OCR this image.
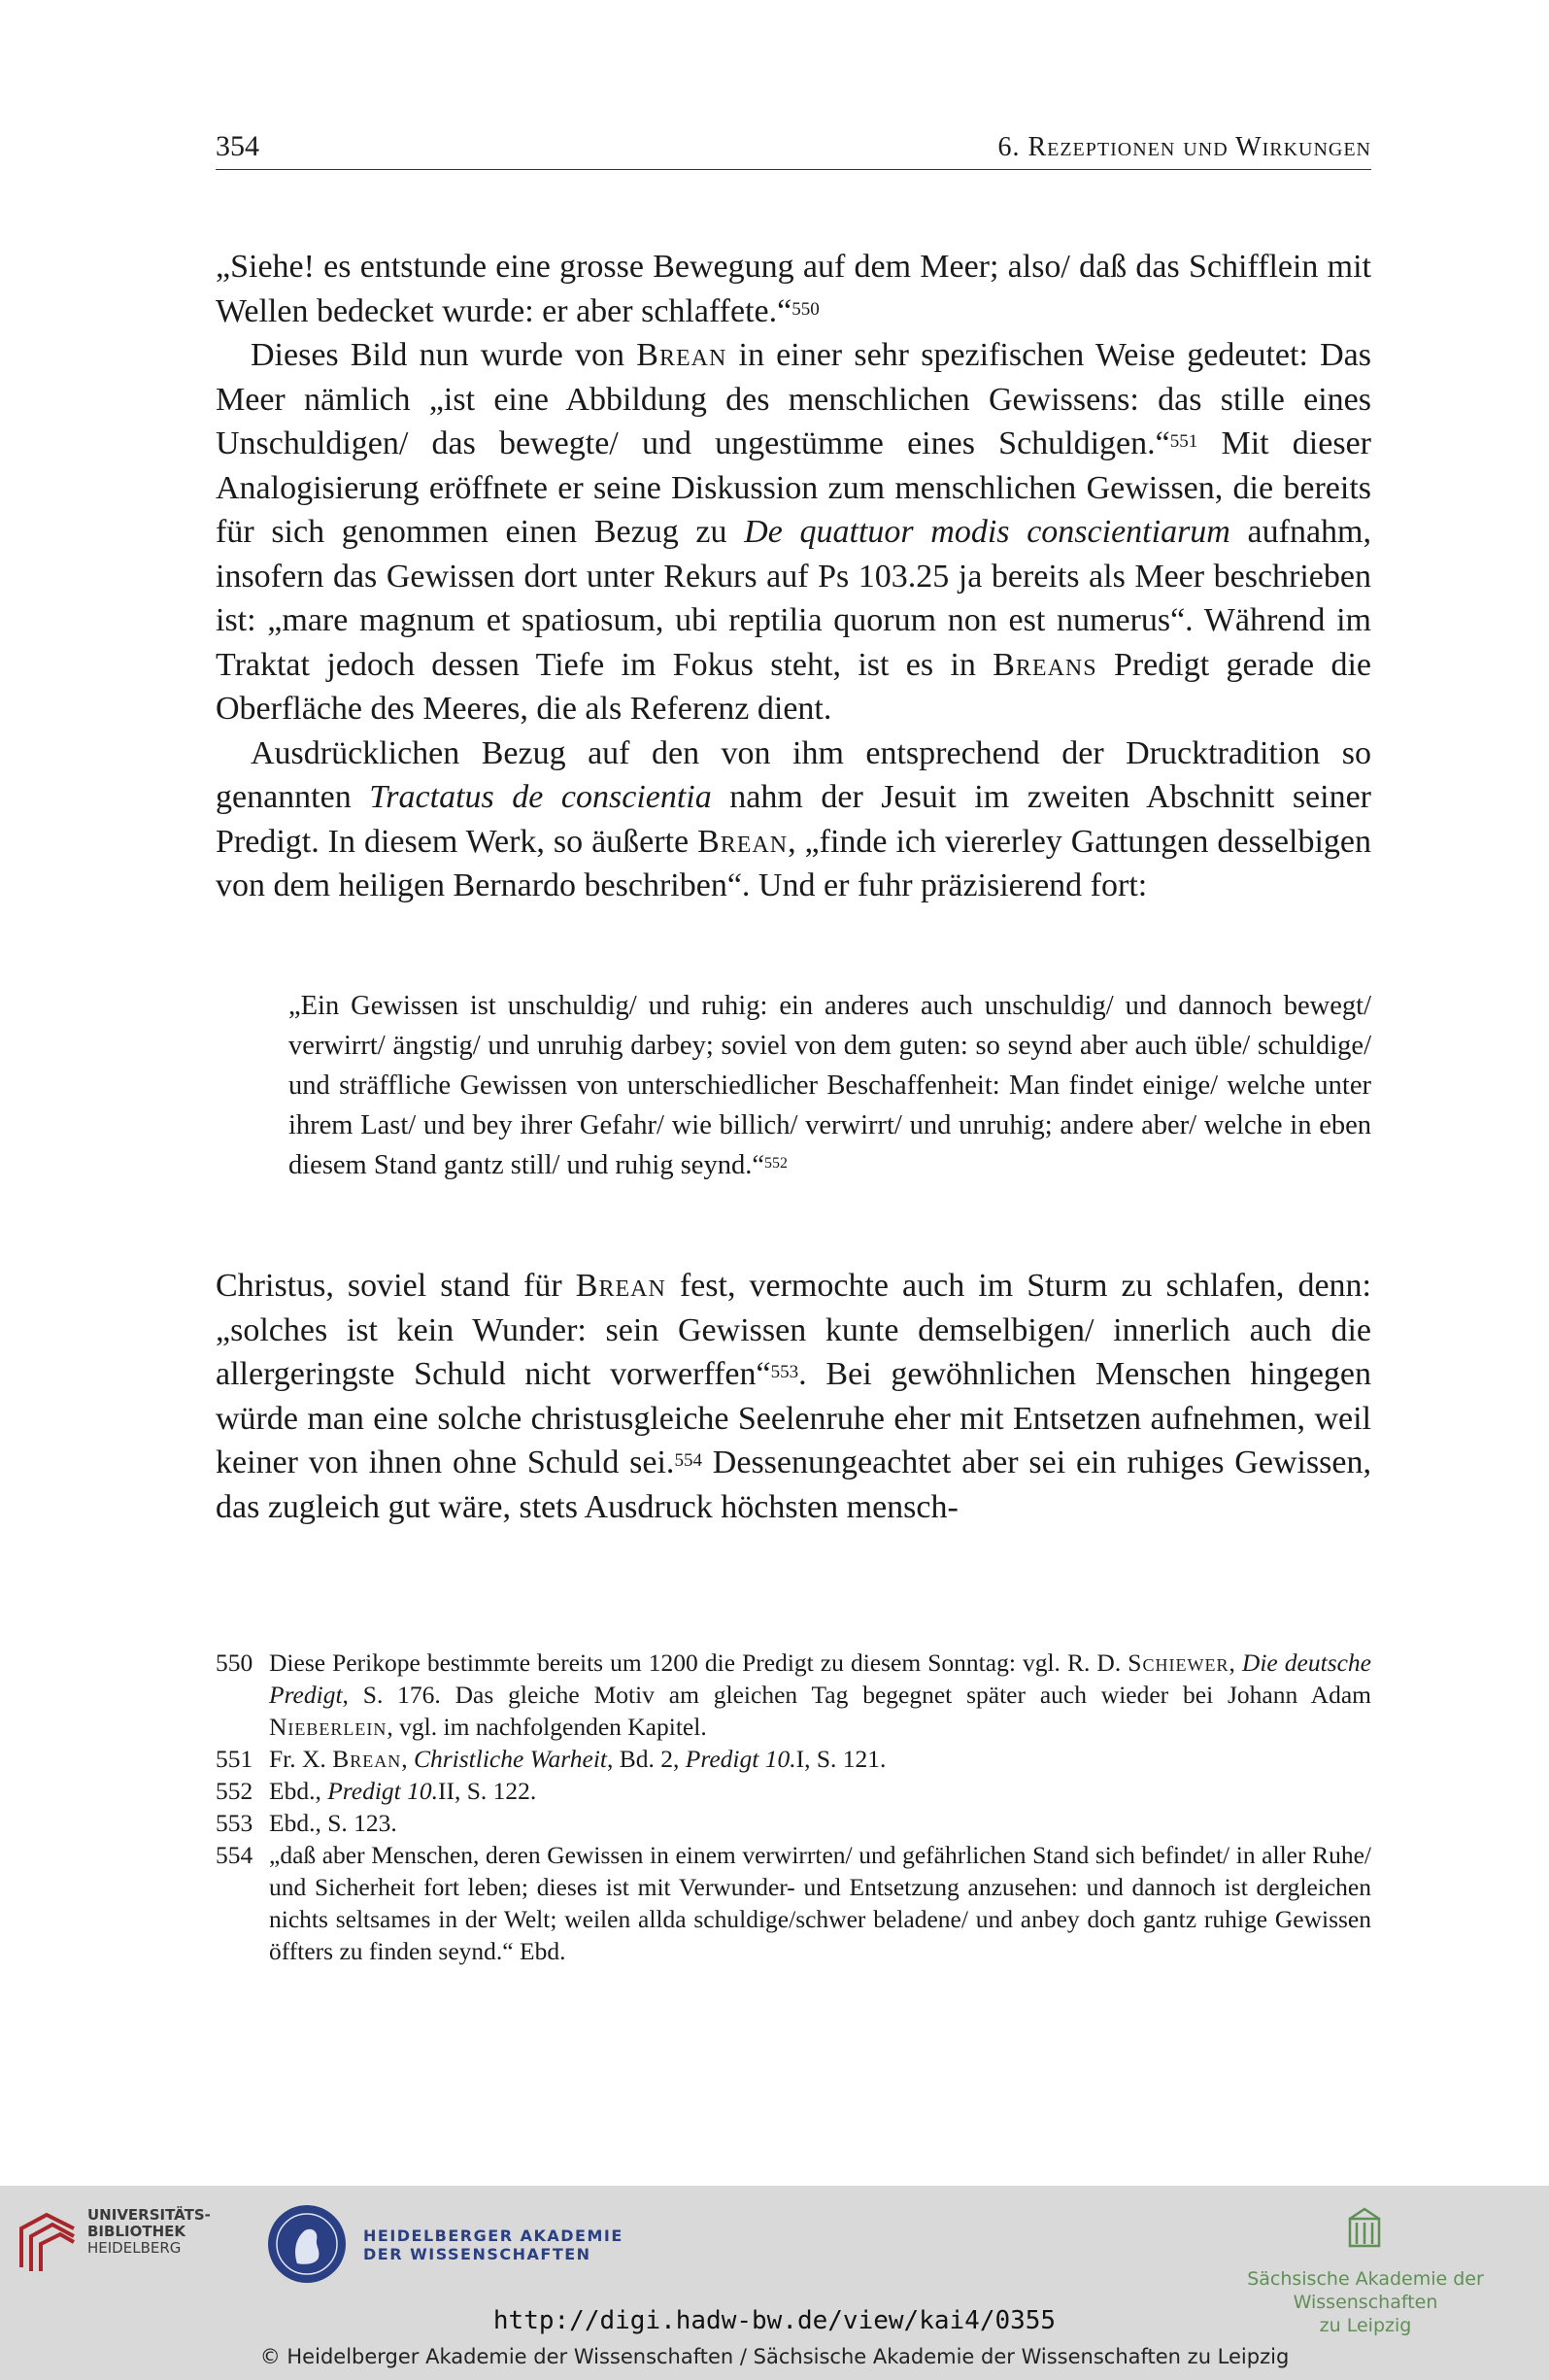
354	6. Rezeptionen und Wirkungen

„Siehe! es entstunde eine grosse Bewegung auf dem Meer; also/ daß das Schifflein mit Wellen bedecket wurde: er aber schlaffete.“$^{550}$

Dieses Bild nun wurde von Brean in einer sehr spezifischen Weise gedeutet: Das Meer nämlich „ist eine Abbildung des menschlichen Gewissens: das stille eines Unschuldigen/ das bewegte/ und ungestümme eines Schuldigen.“$^{551}$ Mit dieser Analogisierung eröffnete er seine Diskussion zum menschlichen Gewissen, die bereits für sich genommen einen Bezug zu De quattuor modis conscientiarum aufnahm, insofern das Gewissen dort unter Rekurs auf Ps 103.25 ja bereits als Meer beschrieben ist: „mare magnum et spatiosum, ubi reptilia quorum non est numerus“. Während im Traktat jedoch dessen Tiefe im Fokus steht, ist es in Breans Predigt gerade die Oberfläche des Meeres, die als Referenz dient.

Ausdrücklichen Bezug auf den von ihm entsprechend der Drucktradition so genannten Tractatus de conscientia nahm der Jesuit im zweiten Abschnitt seiner Predigt. In diesem Werk, so äußerte Brean, „finde ich viererley Gattungen desselbigen von dem heiligen Bernardo beschriben“. Und er fuhr präzisierend fort:

„Ein Gewissen ist unschuldig/ und ruhig: ein anderes auch unschuldig/ und dannoch bewegt/ verwirrt/ ängstig/ und unruhig darbey; soviel von dem guten: so seynd aber auch üble/ schuldige/ und sträffliche Gewissen von unterschiedlicher Beschaffenheit: Man findet einige/ welche unter ihrem Last/ und bey ihrer Gefahr/ wie billich/ verwirrt/ und unruhig; andere aber/ welche in eben diesem Stand gantz still/ und ruhig seynd.“$^{552}$

Christus, soviel stand für Brean fest, vermochte auch im Sturm zu schlafen, denn: „solches ist kein Wunder: sein Gewissen kunte demselbigen/ innerlich auch die allergeringste Schuld nicht vorwerffen“$^{553}$. Bei gewöhnlichen Menschen hingegen würde man eine solche christusgleiche Seelenruhe eher mit Entsetzen aufnehmen, weil keiner von ihnen ohne Schuld sei.$^{554}$ Dessenungeachtet aber sei ein ruhiges Gewissen, das zugleich gut wäre, stets Ausdruck höchsten mensch-

550 Diese Perikope bestimmte bereits um 1200 die Predigt zu diesem Sonntag: vgl. R. D. Schiewer, Die deutsche Predigt, S. 176. Das gleiche Motiv am gleichen Tag begegnet später auch wieder bei Johann Adam Nieberlein, vgl. im nachfolgenden Kapitel.
551 Fr. X. Brean, Christliche Warheit, Bd. 2, Predigt 10.I, S. 121.
552 Ebd., Predigt 10.II, S. 122.
553 Ebd., S. 123.
554 „daß aber Menschen, deren Gewissen in einem verwirrten/ und gefährlichen Stand sich befindet/ in aller Ruhe/ und Sicherheit fort leben; dieses ist mit Verwunder- und Entsetzung anzusehen: und dannoch ist dergleichen nichts seltsames in der Welt; weilen allda schuldige/schwer beladene/ und anbey doch gantz ruhige Gewissen öffters zu finden seynd.“ Ebd.
UNIVERSITÄTS-
BIBLIOTHEK
HEIDELBERG
HEIDELBERGER AKADEMIE
DER WISSENSCHAFTEN
Sächsische Akademie der Wissenschaften
zu Leipzig
http://digi.hadw-bw.de/view/kai4/0355
© Heidelberger Akademie der Wissenschaften / Sächsische Akademie der Wissenschaften zu Leipzig
